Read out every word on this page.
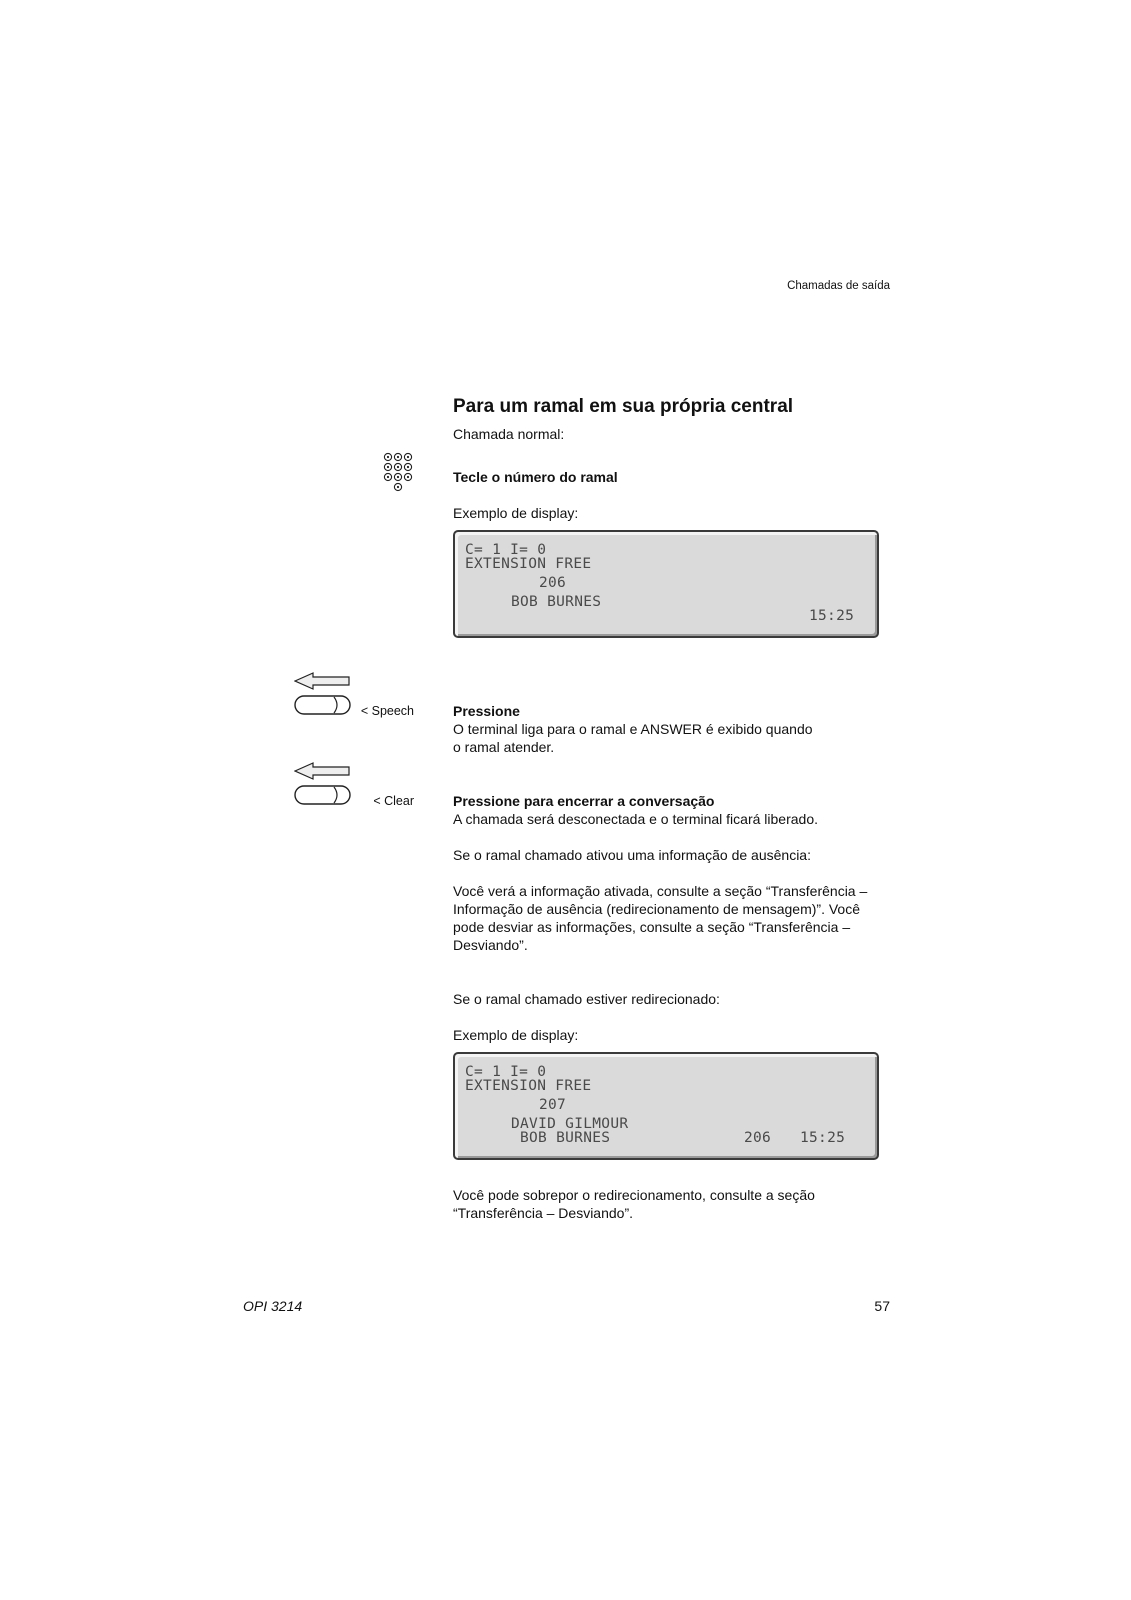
Chamadas de saída
Para um ramal em sua própria central
Chamada normal:
Tecle o número do ramal
Exemplo de display:
C= 1 I= 0
EXTENSION FREE
206
BOB BURNES
15:25
< Speech	Pressione
O terminal liga para o ramal e ANSWER é exibido quando
o ramal atender.
< Clear	Pressione para encerrar a conversação
A chamada será desconectada e o terminal ficará liberado.
Se o ramal chamado ativou uma informação de ausência:
Você verá a informação ativada, consulte a seção “Transferência –
Informação de ausência (redirecionamento de mensagem)”. Você
pode desviar as informações, consulte a seção “Transferência –
Desviando”.
Se o ramal chamado estiver redirecionado:
Exemplo de display:
C= 1 I= 0
EXTENSION FREE
207
DAVID GILMOUR
BOB BURNES	206 15:25
Você pode sobrepor o redirecionamento, consulte a seção
“Transferência – Desviando”.
OPI 3214	57
